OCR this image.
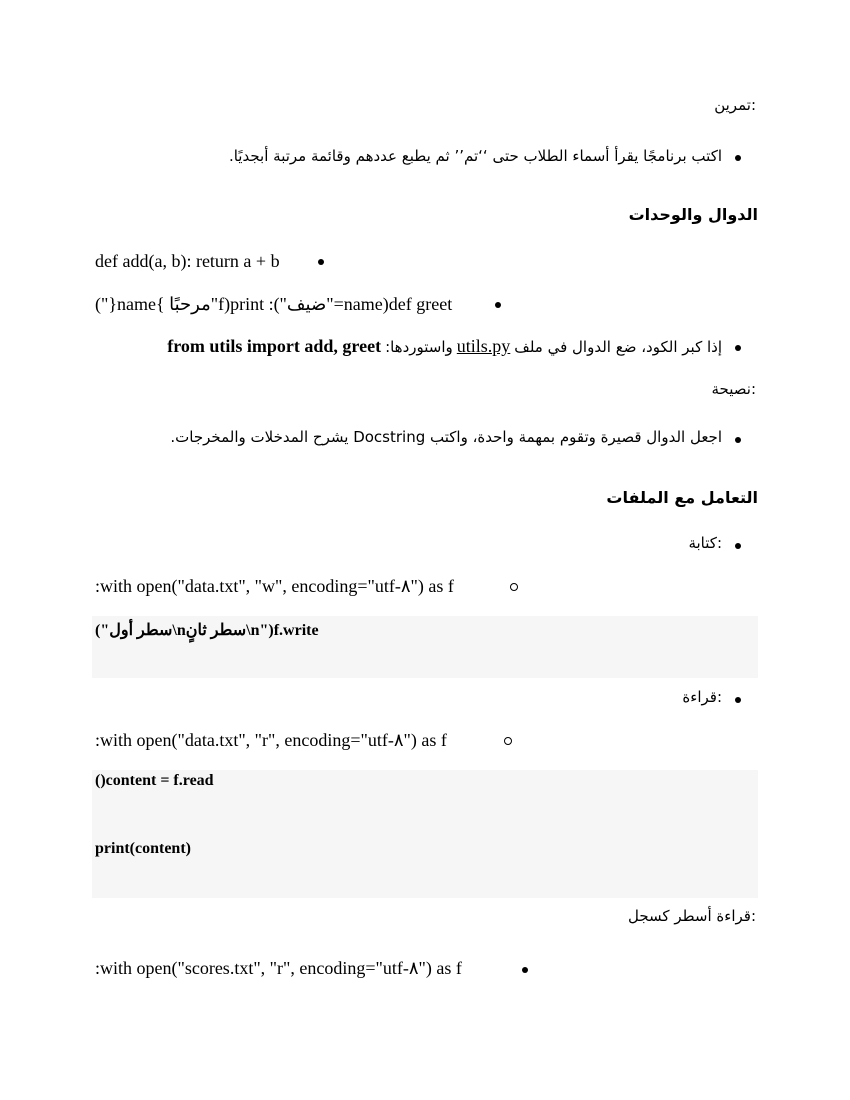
تمرين:
اكتب برنامجًا يقرأ أسماء الطلاب حتى ‘‘تم’’ ثم يطبع عددهم وقائمة مرتبة أبجديًا.
الدوال والوحدات
def add(a, b): return a + b
("}name{ مرحبًا"f)print :("ضيف"=name)def greet
إذا كبر الكود، ضع الدوال في ملف utils.py واستوردها: from utils import add, greet
نصيحة:
اجعل الدوال قصيرة وتقوم بمهمة واحدة، واكتب Docstring يشرح المدخلات والمخرجات.
التعامل مع الملفات
كتابة:
:with open("data.txt", "w", encoding="utf-٨") as f
("سطر أول\nسطر ثانٍ\n")f.write
قراءة:
:with open("data.txt", "r", encoding="utf-٨") as f
()content = f.read
print(content)
قراءة أسطر كسجل:
:with open("scores.txt", "r", encoding="utf-٨") as f
